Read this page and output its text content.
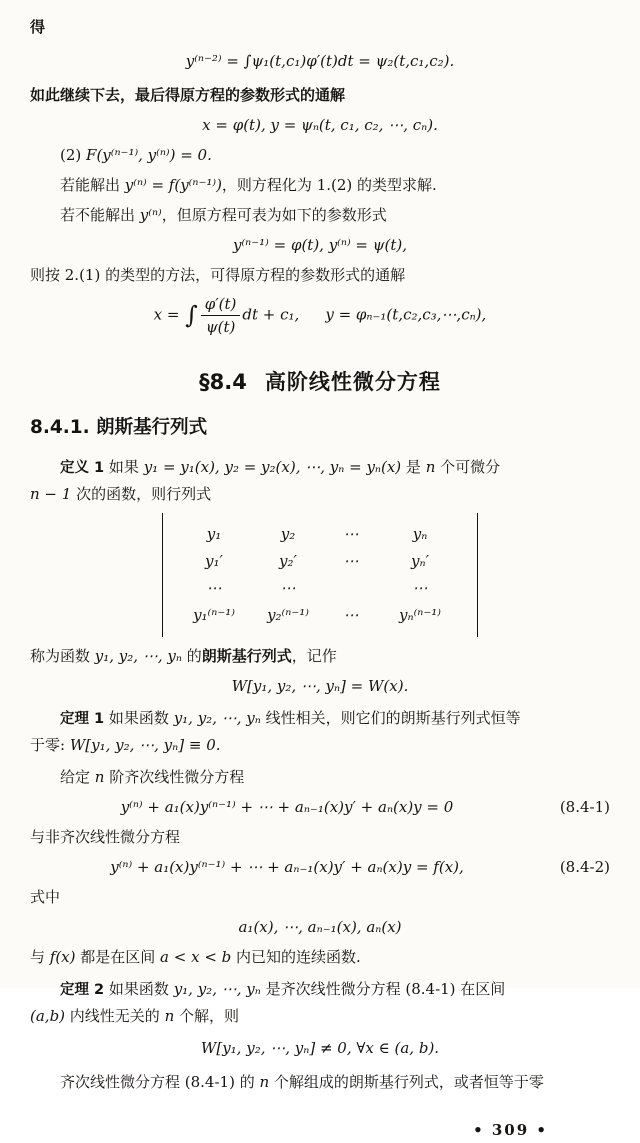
得
y⁽ⁿ⁻²⁾ = ∫ψ₁(t,c₁)φ′(t)dt = ψ₂(t,c₁,c₂).
如此继续下去，最后得原方程的参数形式的通解
x = φ(t), y = ψₙ(t, c₁, c₂, ⋯, cₙ).
(2) F(y⁽ⁿ⁻¹⁾, y⁽ⁿ⁾) = 0.
若能解出 y⁽ⁿ⁾ = f(y⁽ⁿ⁻¹⁾)，则方程化为 1.(2) 的类型求解.
若不能解出 y⁽ⁿ⁾，但原方程可表为如下的参数形式
y⁽ⁿ⁻¹⁾ = φ(t), y⁽ⁿ⁾ = ψ(t),
则按 2.(1) 的类型的方法，可得原方程的参数形式的通解
x = ∫ $\frac{\varphi'(t)}{\psi(t)}$ dt + c₁, y = φₙ₋₁(t,c₂,c₃,⋯,cₙ),
§8.4 高阶线性微分方程
8.4.1. 朗斯基行列式
定义 1 如果 y₁ = y₁(x), y₂ = y₂(x), ⋯, yₙ = yₙ(x) 是 n 个可微分
n − 1 次的函数，则行列式
y₁	y₂	⋯	yₙ
y₁′	y₂′	⋯	yₙ′
⋯	⋯	⋯
y₁⁽ⁿ⁻¹⁾	y₂⁽ⁿ⁻¹⁾	⋯	yₙ⁽ⁿ⁻¹⁾
称为函数 y₁, y₂, ⋯, yₙ 的朗斯基行列式，记作
W[y₁, y₂, ⋯, yₙ] = W(x).
定理 1 如果函数 y₁, y₂, ⋯, yₙ 线性相关，则它们的朗斯基行列式恒等
于零: W[y₁, y₂, ⋯, yₙ] ≡ 0.
给定 n 阶齐次线性微分方程
y⁽ⁿ⁾ + a₁(x)y⁽ⁿ⁻¹⁾ + ⋯ + aₙ₋₁(x)y′ + aₙ(x)y = 0	(8.4-1)
与非齐次线性微分方程
y⁽ⁿ⁾ + a₁(x)y⁽ⁿ⁻¹⁾ + ⋯ + aₙ₋₁(x)y′ + aₙ(x)y = f(x),	(8.4-2)
式中
a₁(x), ⋯, aₙ₋₁(x), aₙ(x)
与 f(x) 都是在区间 a < x < b 内已知的连续函数.
定理 2 如果函数 y₁, y₂, ⋯, yₙ 是齐次线性微分方程 (8.4-1) 在区间
(a,b) 内线性无关的 n 个解，则
W[y₁, y₂, ⋯, yₙ] ≠ 0, ∀x ∈ (a, b).
齐次线性微分方程 (8.4-1) 的 n 个解组成的朗斯基行列式，或者恒等于零
• 309 •
